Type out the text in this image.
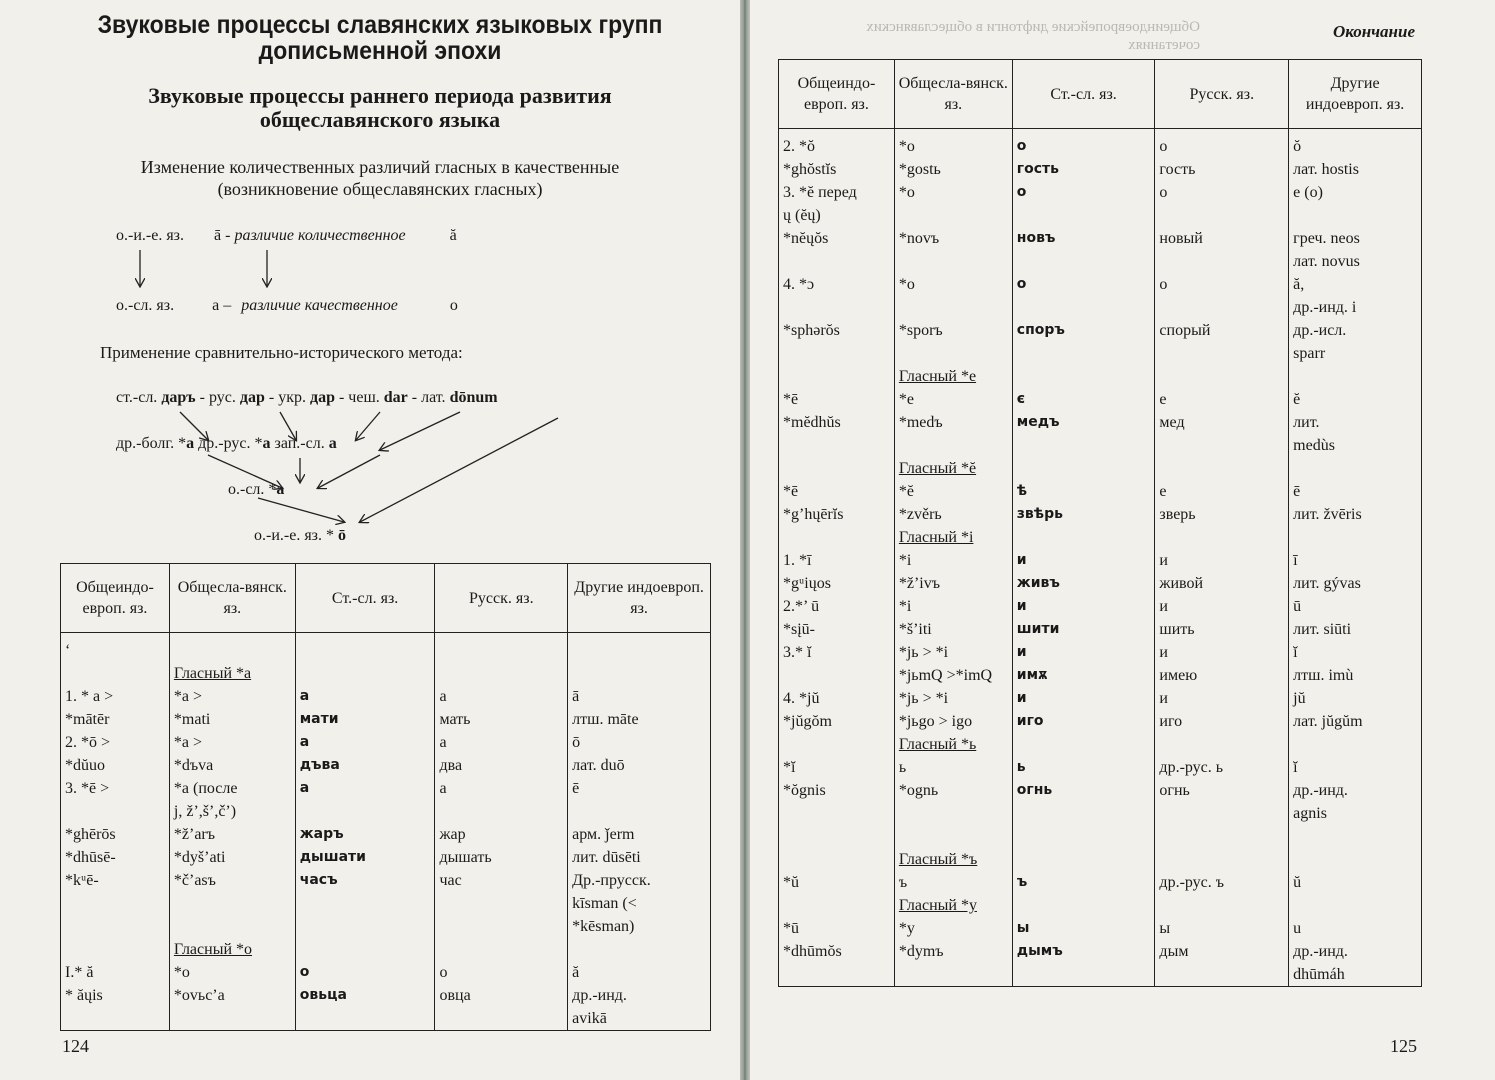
Звуковые процессы славянских языковых групп дописьменной эпохи
Звуковые процессы раннего периода развития общеславянского языка
Изменение количественных различий гласных в качественные (возникновение общеславянских гласных)
о.-и.-е. яз. ā - различие количественное	ă
о.-сл. яз. a – различие качественное	o
Применение сравнительно-исторического метода:
ст.-сл. даръ - рус. дар - укр. дар - чеш. dar - лат. dōnum
др.-болг. *а др.-рус. *а зап.-сл. а
о.-сл. *а
о.-и.-е. яз. * ō
Общеиндо-европ. яз.	Общесла-вянск. яз.	Ст.-сл. яз.	Русск. яз.	Другие индоевроп. яз.
‘				
	Гласный *a			
1. * a >	*a >	а	а	ā
*mātēr	*mati	мати	мать	лтш. māte
2. *ō >	*a >	а	а	ō
*dŭuo	*dъva	дъва	два	лат. duō
3. *ē >	*a (после	а	а	ē
	j, ž’,š’,č’)			
*ghērōs	*ž’arъ	жаръ	жар	арм. ǰerm
*dhūsē-	*dyš’ati	дышати	дышать	лит. dūsēti
*kᵘē-	*č’asъ	часъ	час	Др.-прусск.
				kīsman (<
				*kēsman)
	Гласный *o			
I.* ă	*o	о	о	ă
* ăųis	*ovьc’a	овьца	овца	др.-инд.
				avikā
124
Окончание
Общеиндо-европ. яз.	Общесла-вянск. яз.	Ст.-сл. яз.	Русск. яз.	Другие индоевроп. яз.
2. *ŏ	*o	о	о	ŏ
*ghŏstĭs	*gostь	гость	гость	лат. hostis
3. *ĕ перед	*o	о	о	e (o)
ų (ĕų)				
*nĕųŏs	*novъ	новъ	новый	греч. neos
				лат. novus
4. *ɔ	*o	о	о	ă,
				др.-инд. i
*sphərŏs	*sporъ	споръ	спорый	др.-исл.
				sparr
	Гласный *e			
*ē	*e	є	е	ĕ
*mĕdhŭs	*medъ	медъ	мед	лит.
				medùs
	Гласный *ĕ			
*ē	*ĕ	ѣ	е	ē
*g’hųērĭs	*zvěrь	звѣрь	зверь	лит. žvēris
	Гласный *i			
1. *ī	*i	и	и	ī
*gᵘiųos	*ž’ivъ	живъ	живой	лит. gývas
2.*’ ū	*i	и	и	ū
*sįū-	*š’iti	шити	шить	лит. siūti
3.* ĭ	*jь > *i	и	и	ĭ
	*jьmQ >*imQ	имѫ	имею	лтш. imù
4. *jŭ	*jь > *i	и	и	jŭ
*jŭgŏm	*jьgo > igo	иго	иго	лат. jŭgŭm
	Гласный *ь			
*ĭ	ь	ь	др.-рус. ь	ĭ
*ŏgnis	*ognь	огнь	огнь	др.-инд.
				agnis

	Гласный *ъ			
*ŭ	ъ	ъ	др.-рус. ъ	ŭ
	Гласный *y			
*ū	*y	ы	ы	u
*dhūmŏs	*dymъ	дымъ	дым	др.-инд.
				dhūmáh
125
Общеиндоевропейские дифтонги в общеславянских сочетаниях
